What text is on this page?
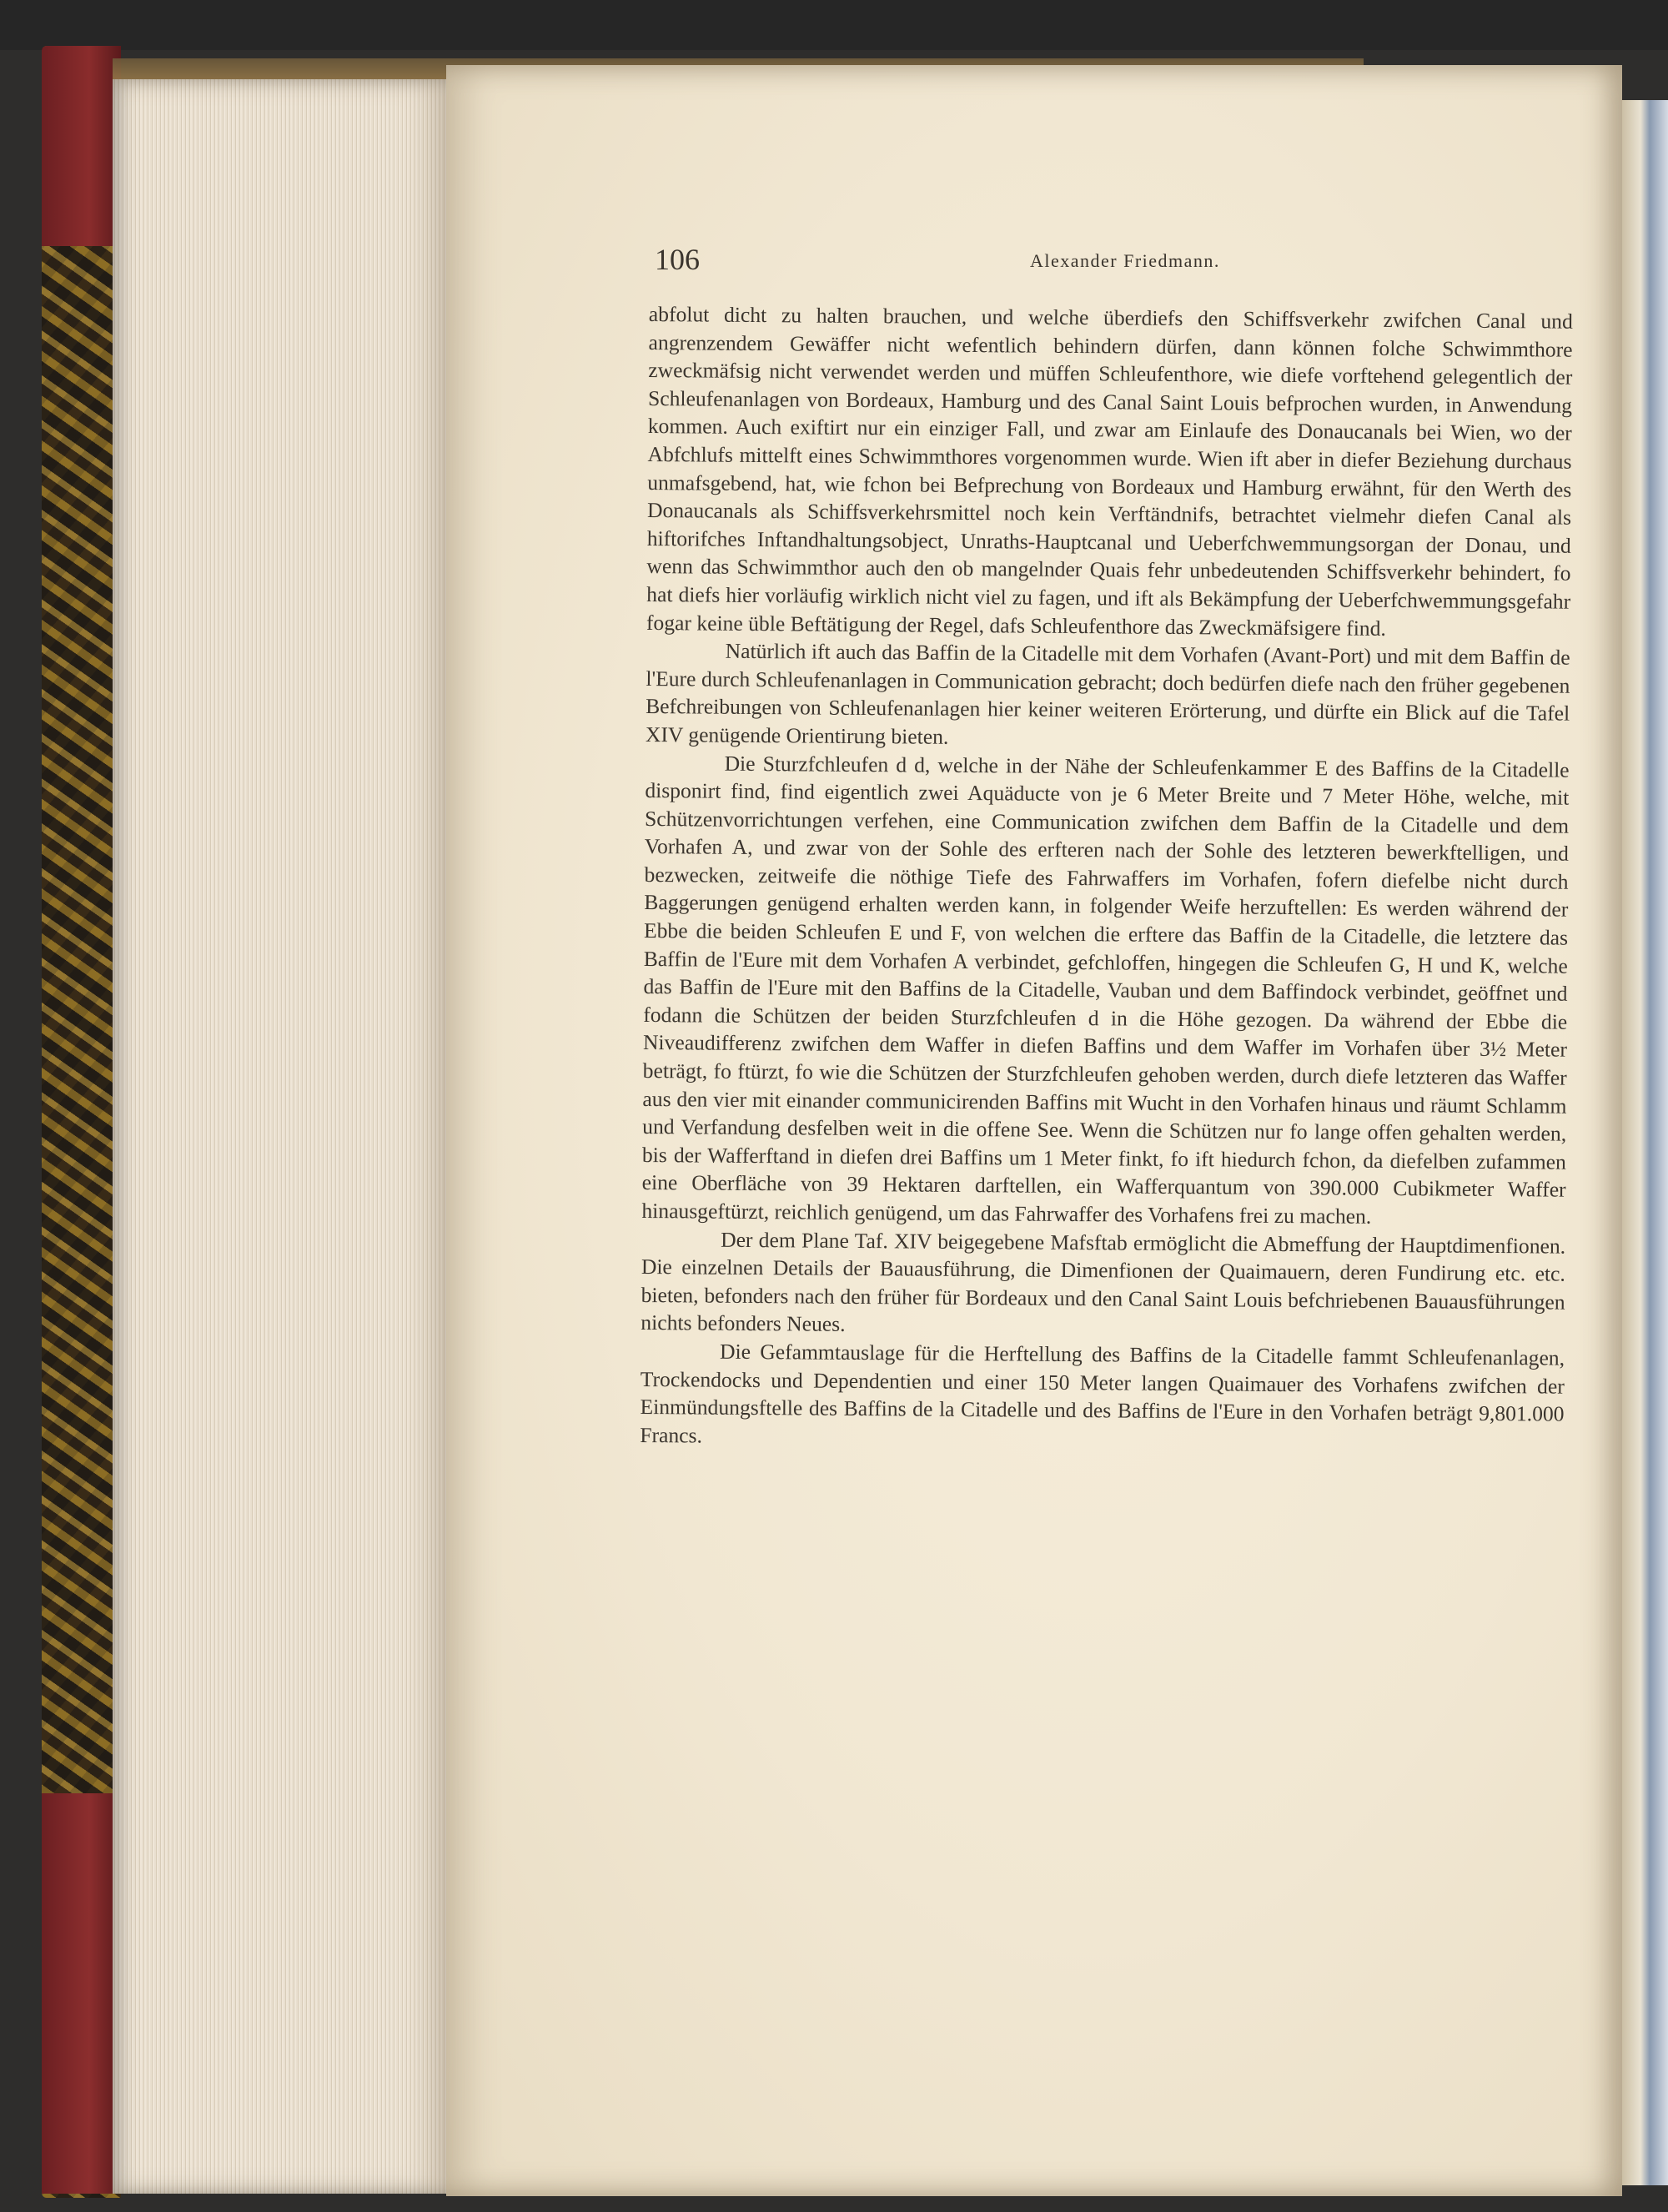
106	Alexander Friedmann.

abfolut dicht zu halten brauchen, und welche überdiefs den Schiffsverkehr zwifchen Canal und angrenzendem Gewäffer nicht wefentlich behindern dürfen, dann können folche Schwimmthore zweckmäfsig nicht verwendet werden und müffen Schleufenthore, wie diefe vorftehend gelegentlich der Schleufenanlagen von Bordeaux, Hamburg und des Canal Saint Louis befprochen wurden, in Anwendung kommen. Auch exiftirt nur ein einziger Fall, und zwar am Einlaufe des Donaucanals bei Wien, wo der Abfchlufs mittelft eines Schwimmthores vorgenommen wurde. Wien ift aber in diefer Beziehung durchaus unmafsgebend, hat, wie fchon bei Befprechung von Bordeaux und Hamburg erwähnt, für den Werth des Donaucanals als Schiffsverkehrsmittel noch kein Verftändnifs, betrachtet vielmehr diefen Canal als hiftorifches Inftandhaltungsobject, Unraths-Hauptcanal und Ueberfchwemmungsorgan der Donau, und wenn das Schwimmthor auch den ob mangelnder Quais fehr unbedeutenden Schiffsverkehr behindert, fo hat diefs hier vorläufig wirklich nicht viel zu fagen, und ift als Bekämpfung der Ueberfchwemmungsgefahr fogar keine üble Beftätigung der Regel, dafs Schleufenthore das Zweckmäfsigere find.

Natürlich ift auch das Baffin de la Citadelle mit dem Vorhafen (Avant-Port) und mit dem Baffin de l'Eure durch Schleufenanlagen in Communication gebracht; doch bedürfen diefe nach den früher gegebenen Befchreibungen von Schleufenanlagen hier keiner weiteren Erörterung, und dürfte ein Blick auf die Tafel XIV genügende Orientirung bieten.

Die Sturzfchleufen d d, welche in der Nähe der Schleufenkammer E des Baffins de la Citadelle disponirt find, find eigentlich zwei Aquäducte von je 6 Meter Breite und 7 Meter Höhe, welche, mit Schützenvorrichtungen verfehen, eine Communication zwifchen dem Baffin de la Citadelle und dem Vorhafen A, und zwar von der Sohle des erfteren nach der Sohle des letzteren bewerkftelligen, und bezwecken, zeitweife die nöthige Tiefe des Fahrwaffers im Vorhafen, fofern diefelbe nicht durch Baggerungen genügend erhalten werden kann, in folgender Weife herzuftellen: Es werden während der Ebbe die beiden Schleufen E und F, von welchen die erftere das Baffin de la Citadelle, die letztere das Baffin de l'Eure mit dem Vorhafen A verbindet, gefchloffen, hingegen die Schleufen G, H und K, welche das Baffin de l'Eure mit den Baffins de la Citadelle, Vauban und dem Baffindock verbindet, geöffnet und fodann die Schützen der beiden Sturzfchleufen d in die Höhe gezogen. Da während der Ebbe die Niveaudifferenz zwifchen dem Waffer in diefen Baffins und dem Waffer im Vorhafen über 3½ Meter beträgt, fo ftürzt, fo wie die Schützen der Sturzfchleufen gehoben werden, durch diefe letzteren das Waffer aus den vier mit einander communicirenden Baffins mit Wucht in den Vorhafen hinaus und räumt Schlamm und Verfandung desfelben weit in die offene See. Wenn die Schützen nur fo lange offen gehalten werden, bis der Wafferftand in diefen drei Baffins um 1 Meter finkt, fo ift hiedurch fchon, da diefelben zufammen eine Oberfläche von 39 Hektaren darftellen, ein Wafferquantum von 390.000 Cubikmeter Waffer hinausgeftürzt, reichlich genügend, um das Fahrwaffer des Vorhafens frei zu machen.

Der dem Plane Taf. XIV beigegebene Mafsftab ermöglicht die Abmeffung der Hauptdimenfionen. Die einzelnen Details der Bauausführung, die Dimenfionen der Quaimauern, deren Fundirung etc. etc. bieten, befonders nach den früher für Bordeaux und den Canal Saint Louis befchriebenen Bauausführungen nichts befonders Neues.

Die Gefammtauslage für die Herftellung des Baffins de la Citadelle fammt Schleufenanlagen, Trockendocks und Dependentien und einer 150 Meter langen Quaimauer des Vorhafens zwifchen der Einmündungsftelle des Baffins de la Citadelle und des Baffins de l'Eure in den Vorhafen beträgt 9,801.000 Francs.
